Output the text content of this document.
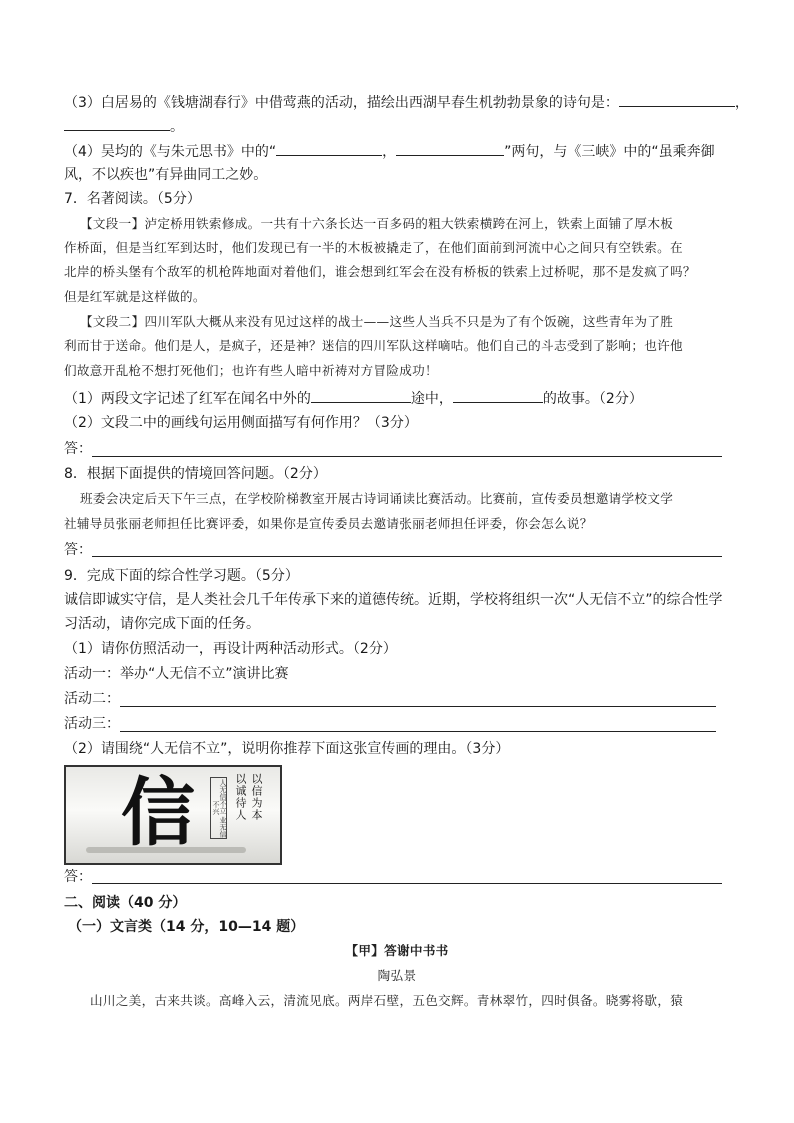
（3）白居易的《钱塘湖春行》中借莺燕的活动，描绘出西湖早春生机勃勃景象的诗句是：	，
。
（4）吴均的《与朱元思书》中的“	，	”两句，与《三峡》中的“虽乘奔御
风，不以疾也”有异曲同工之妙。
7．名著阅读。（5分）
【文段一】泸定桥用铁索修成。一共有十六条长达一百多码的粗大铁索横跨在河上，铁索上面铺了厚木板
作桥面，但是当红军到达时，他们发现已有一半的木板被撬走了，在他们面前到河流中心之间只有空铁索。在
北岸的桥头堡有个敌军的机枪阵地面对着他们，谁会想到红军会在没有桥板的铁索上过桥呢，那不是发疯了吗？
但是红军就是这样做的。
【文段二】四川军队大概从来没有见过这样的战士——这些人当兵不只是为了有个饭碗，这些青年为了胜
利而甘于送命。他们是人，是疯子，还是神？迷信的四川军队这样嘀咕。他们自己的斗志受到了影响；也许他
们故意开乱枪不想打死他们；也许有些人暗中祈祷对方冒险成功！
（1）两段文字记述了红军在闻名中外的	途中，	的故事。（2分）
（2）文段二中的画线句运用侧面描写有何作用？（3分）
答：
8．根据下面提供的情境回答问题。（2分）
班委会决定后天下午三点，在学校阶梯教室开展古诗词诵读比赛活动。比赛前，宣传委员想邀请学校文学
社辅导员张丽老师担任比赛评委，如果你是宣传委员去邀请张丽老师担任评委，你会怎么说？
答：
9．完成下面的综合性学习题。（5分）
诚信即诚实守信，是人类社会几千年传承下来的道德传统。近期，学校将组织一次“人无信不立”的综合性学
习活动，请你完成下面的任务。
（1）请你仿照活动一，再设计两种活动形式。（2分）
活动一：举办“人无信不立”演讲比赛
活动二：
活动三：
（2）请围绕“人无信不立”，说明你推荐下面这张宣传画的理由。（3分）
信	人无信不立 业无信不兴	以信为本
以诚待人
答：
二、阅读（40 分）
（一）文言类（14 分，10—14 题）
【甲】答谢中书书
陶弘景
山川之美，古来共谈。高峰入云，清流见底。两岸石壁，五色交辉。青林翠竹，四时俱备。晓雾将歇，猿
